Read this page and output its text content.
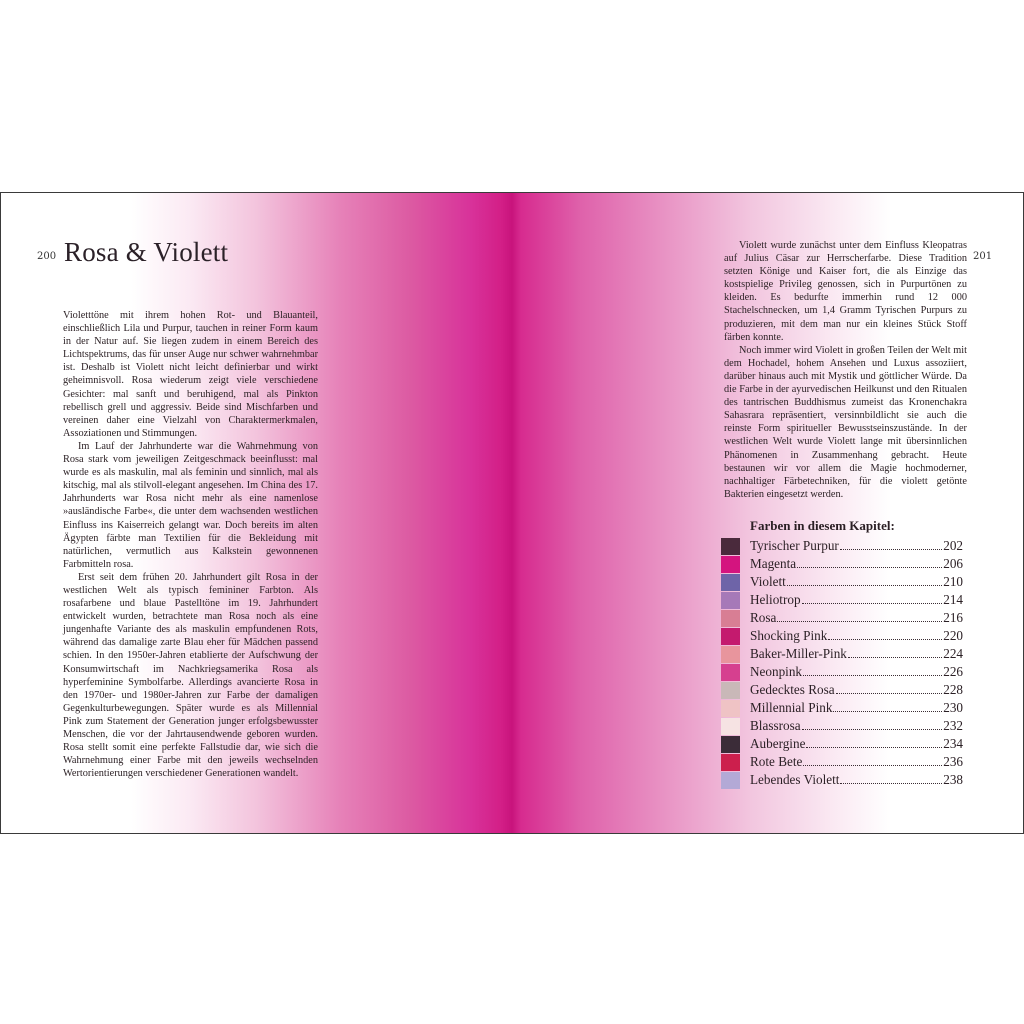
200 Rosa & Violett

Violetttöne mit ihrem hohen Rot- und Blauanteil, einschließlich Lila und Purpur, tauchen in reiner Form kaum in der Natur auf. Sie liegen zudem in einem Bereich des Lichtspektrums, das für unser Auge nur schwer wahrnehmbar ist. Deshalb ist Violett nicht leicht definierbar und wirkt geheimnisvoll. Rosa wiederum zeigt viele verschiedene Gesichter: mal sanft und beruhigend, mal als Pinkton rebellisch grell und aggressiv. Beide sind Mischfarben und vereinen daher eine Vielzahl von Charaktermerkmalen, Assoziationen und Stimmungen.

Im Lauf der Jahrhunderte war die Wahrnehmung von Rosa stark vom jeweiligen Zeitgeschmack beeinflusst: mal wurde es als maskulin, mal als feminin und sinnlich, mal als kitschig, mal als stilvoll-elegant angesehen. Im China des 17. Jahrhunderts war Rosa nicht mehr als eine namenlose »ausländische Farbe«, die unter dem wachsenden westlichen Einfluss ins Kaiserreich gelangt war. Doch bereits im alten Ägypten färbte man Textilien für die Bekleidung mit natürlichen, vermutlich aus Kalkstein gewonnenen Farbmitteln rosa.

Erst seit dem frühen 20. Jahrhundert gilt Rosa in der westlichen Welt als typisch femininer Farbton. Als rosafarbene und blaue Pastelltöne im 19. Jahrhundert entwickelt wurden, betrachtete man Rosa noch als eine jungenhafte Variante des als maskulin empfundenen Rots, während das damalige zarte Blau eher für Mädchen passend schien. In den 1950er-Jahren etablierte der Aufschwung der Konsumwirtschaft im Nachkriegsamerika Rosa als hyperfeminine Symbolfarbe. Allerdings avancierte Rosa in den 1970er- und 1980er-Jahren zur Farbe der damaligen Gegenkulturbewegungen. Später wurde es als Millennial Pink zum Statement der Generation junger erfolgsbewusster Menschen, die vor der Jahrtausendwende geboren wurden. Rosa stellt somit eine perfekte Fallstudie dar, wie sich die Wahrnehmung einer Farbe mit den jeweils wechselnden Wertorientierungen verschiedener Generationen wandelt.

201

Violett wurde zunächst unter dem Einfluss Kleopatras auf Julius Cäsar zur Herrscherfarbe. Diese Tradition setzten Könige und Kaiser fort, die als Einzige das kostspielige Privileg genossen, sich in Purpurtönen zu kleiden. Es bedurfte immerhin rund 12 000 Stachelschnecken, um 1,4 Gramm Tyrischen Purpurs zu produzieren, mit dem man nur ein kleines Stück Stoff färben konnte.

Noch immer wird Violett in großen Teilen der Welt mit dem Hochadel, hohem Ansehen und Luxus assoziiert, darüber hinaus auch mit Mystik und göttlicher Würde. Da die Farbe in der ayurvedischen Heilkunst und den Ritualen des tantrischen Buddhismus zumeist das Kronenchakra Sahasrara repräsentiert, versinnbildlicht sie auch die reinste Form spiritueller Bewusstseinszustände. In der westlichen Welt wurde Violett lange mit übersinnlichen Phänomenen in Zusammenhang gebracht. Heute bestaunen wir vor allem die Magie hochmoderner, nachhaltiger Färbetechniken, für die violett getönte Bakterien eingesetzt werden.

Farben in diesem Kapitel:
Tyrischer Purpur	202
Magenta	206
Violett	210
Heliotrop	214
Rosa	216
Shocking Pink	220
Baker-Miller-Pink	224
Neonpink	226
Gedecktes Rosa	228
Millennial Pink	230
Blassrosa	232
Aubergine	234
Rote Bete	236
Lebendes Violett	238
